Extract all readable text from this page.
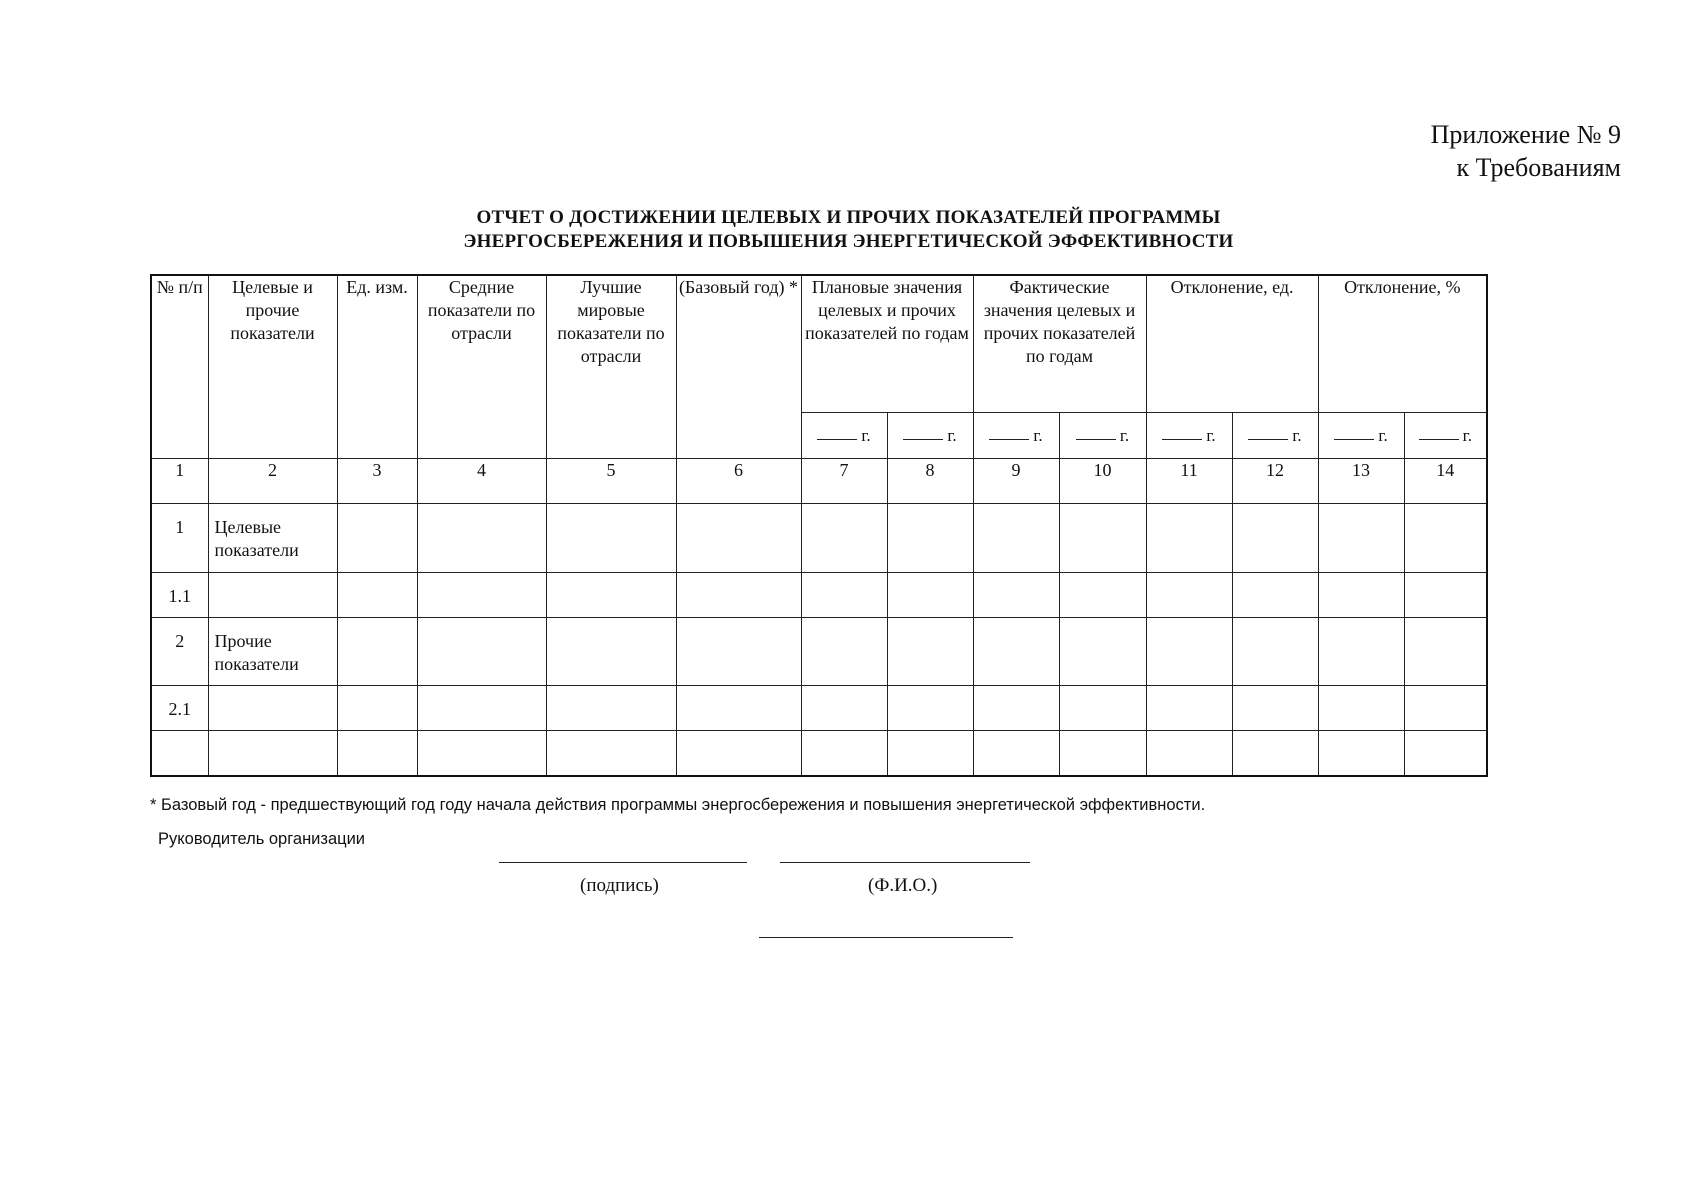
Приложение № 9
к Требованиям
ОТЧЕТ О ДОСТИЖЕНИИ ЦЕЛЕВЫХ И ПРОЧИХ ПОКАЗАТЕЛЕЙ ПРОГРАММЫ
ЭНЕРГОСБЕРЕЖЕНИЯ И ПОВЫШЕНИЯ ЭНЕРГЕТИЧЕСКОЙ ЭФФЕКТИВНОСТИ
№ п/п	Целевые и прочие показатели	Ед. изм.	Средние показатели по отрасли	Лучшие мировые показатели по отрасли	(Базовый год) *	Плановые значения целевых и прочих показателей по годам		Фактические значения целевых и прочих показателей по годам		Отклонение, ед.		Отклонение, %	
						г.	г.	г.	г.	г.	г.	г.	г.
1	2	3	4	5	6	7	8	9	10	11	12	13	14
1	Целевые показатели												
1.1													
2	Прочие показатели												
2.1													

* Базовый год - предшествующий год году начала действия программы энергосбережения и повышения энергетической эффективности.
Руководитель организации
(подпись)	(Ф.И.О.)
